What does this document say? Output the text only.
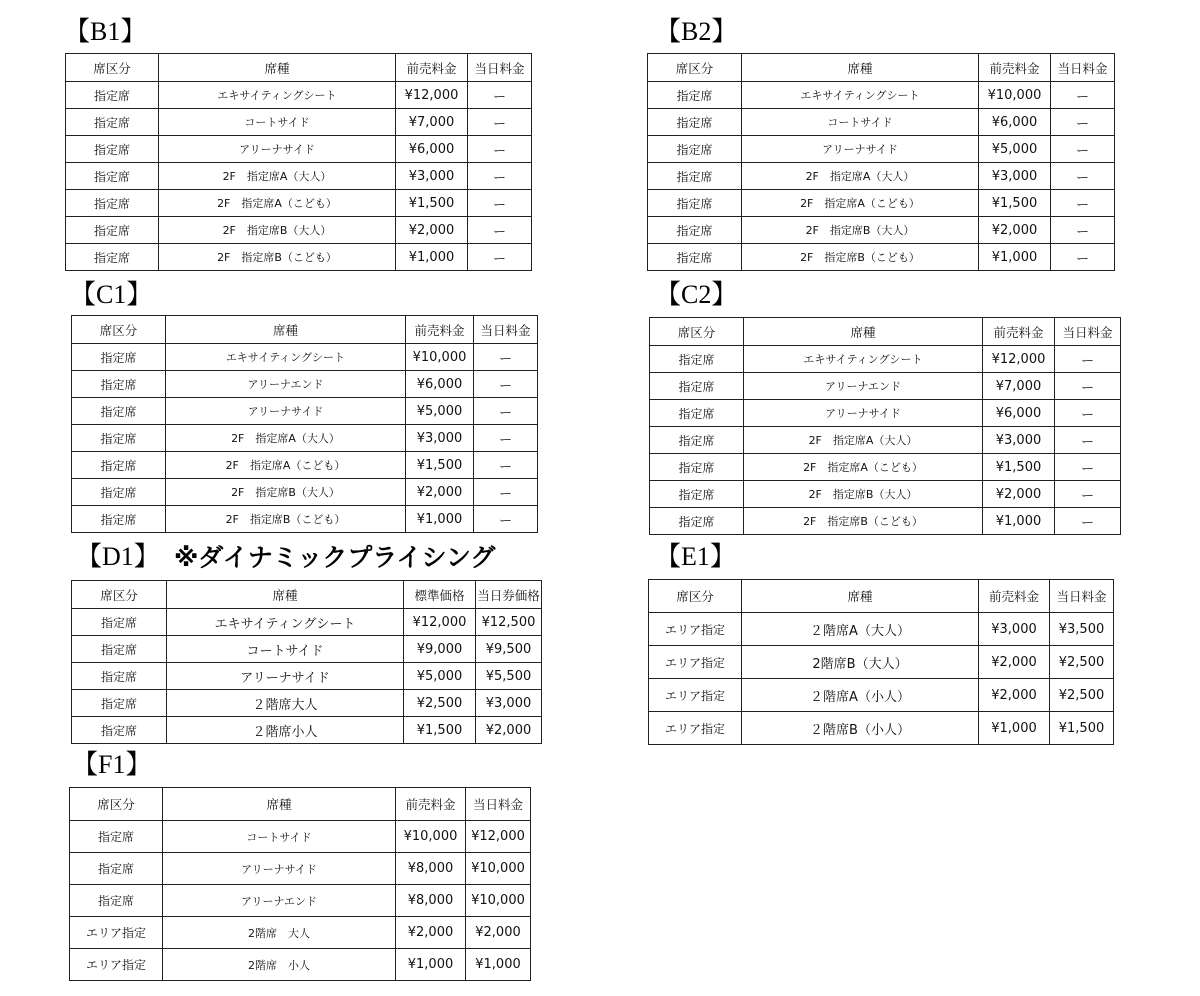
【B1】
席区分	席種	前売料金	当日料金
指定席	エキサイティングシート	¥12,000	ー
指定席	コートサイド	¥7,000	ー
指定席	アリーナサイド	¥6,000	ー
指定席	2F　指定席A（大人）	¥3,000	ー
指定席	2F　指定席A（こども）	¥1,500	ー
指定席	2F　指定席B（大人）	¥2,000	ー
指定席	2F　指定席B（こども）	¥1,000	ー
【B2】
席区分	席種	前売料金	当日料金
指定席	エキサイティングシート	¥10,000	ー
指定席	コートサイド	¥6,000	ー
指定席	アリーナサイド	¥5,000	ー
指定席	2F　指定席A（大人）	¥3,000	ー
指定席	2F　指定席A（こども）	¥1,500	ー
指定席	2F　指定席B（大人）	¥2,000	ー
指定席	2F　指定席B（こども）	¥1,000	ー
【C1】
席区分	席種	前売料金	当日料金
指定席	エキサイティングシート	¥10,000	ー
指定席	アリーナエンド	¥6,000	ー
指定席	アリーナサイド	¥5,000	ー
指定席	2F　指定席A（大人）	¥3,000	ー
指定席	2F　指定席A（こども）	¥1,500	ー
指定席	2F　指定席B（大人）	¥2,000	ー
指定席	2F　指定席B（こども）	¥1,000	ー
【C2】
席区分	席種	前売料金	当日料金
指定席	エキサイティングシート	¥12,000	ー
指定席	アリーナエンド	¥7,000	ー
指定席	アリーナサイド	¥6,000	ー
指定席	2F　指定席A（大人）	¥3,000	ー
指定席	2F　指定席A（こども）	¥1,500	ー
指定席	2F　指定席B（大人）	¥2,000	ー
指定席	2F　指定席B（こども）	¥1,000	ー
【D1】 ※ダイナミックプライシング
席区分	席種	標準価格	当日券価格
指定席	エキサイティングシート	¥12,000	¥12,500
指定席	コートサイド	¥9,000	¥9,500
指定席	アリーナサイド	¥5,000	¥5,500
指定席	２階席大人	¥2,500	¥3,000
指定席	２階席小人	¥1,500	¥2,000
【E1】
席区分	席種	前売料金	当日料金
エリア指定	２階席A（大人）	¥3,000	¥3,500
エリア指定	2階席B（大人）	¥2,000	¥2,500
エリア指定	２階席A（小人）	¥2,000	¥2,500
エリア指定	２階席B（小人）	¥1,000	¥1,500
【F1】
席区分	席種	前売料金	当日料金
指定席	コートサイド	¥10,000	¥12,000
指定席	アリーナサイド	¥8,000	¥10,000
指定席	アリーナエンド	¥8,000	¥10,000
エリア指定	2階席　大人	¥2,000	¥2,000
エリア指定	2階席　小人	¥1,000	¥1,000
